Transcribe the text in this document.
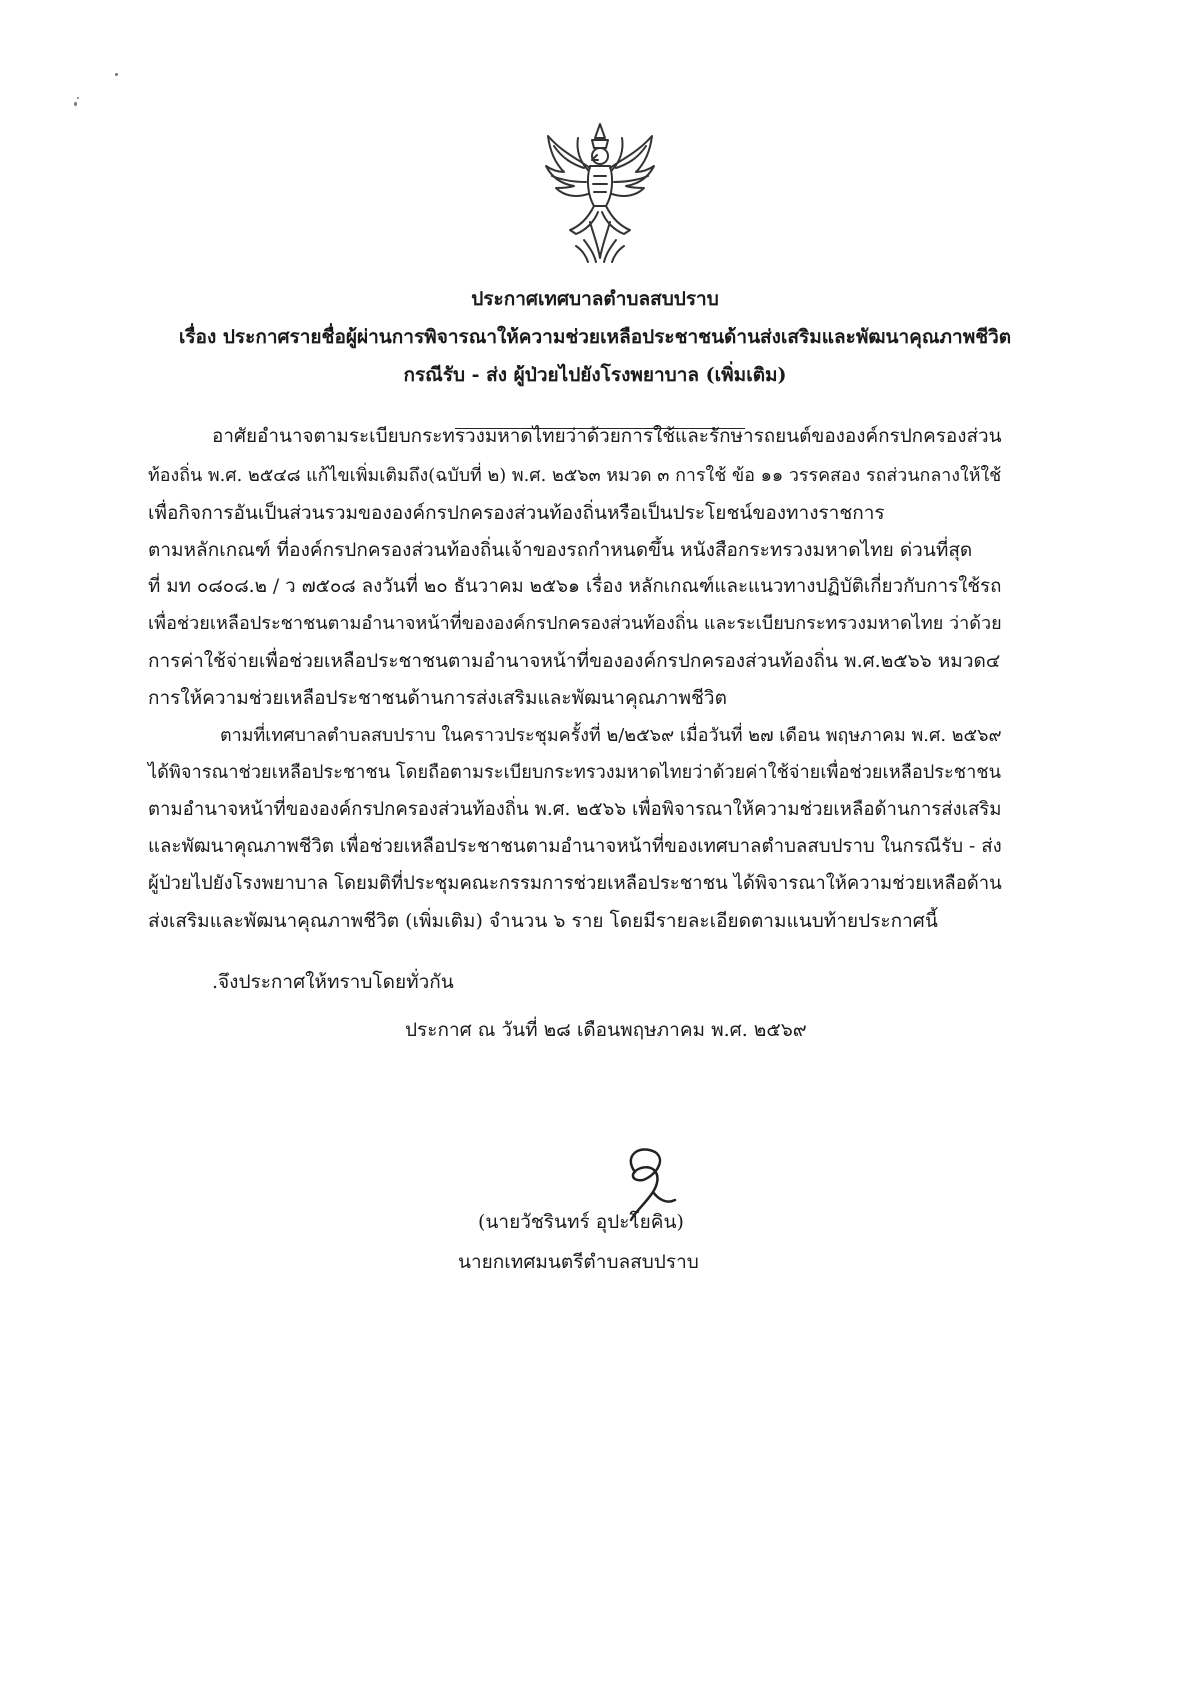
ประกาศเทศบาลตำบลสบปราบ
เรื่อง ประกาศรายชื่อผู้ผ่านการพิจารณาให้ความช่วยเหลือประชาชนด้านส่งเสริมและพัฒนาคุณภาพชีวิต
กรณีรับ - ส่ง ผู้ป่วยไปยังโรงพยาบาล (เพิ่มเติม)
อาศัยอำนาจตามระเบียบกระทรวงมหาดไทยว่าด้วยการใช้และรักษารถยนต์ขององค์กรปกครองส่วน
ท้องถิ่น พ.ศ. ๒๕๔๘ แก้ไขเพิ่มเติมถึง(ฉบับที่ ๒) พ.ศ. ๒๕๖๓ หมวด ๓ การใช้ ข้อ ๑๑ วรรคสอง รถส่วนกลางให้ใช้
เพื่อกิจการอันเป็นส่วนรวมขององค์กรปกครองส่วนท้องถิ่นหรือเป็นประโยชน์ของทางราชการ
ตามหลักเกณฑ์ ที่องค์กรปกครองส่วนท้องถิ่นเจ้าของรถกำหนดขึ้น หนังสือกระทรวงมหาดไทย ด่วนที่สุด
ที่ มท ๐๘๐๘.๒ / ว ๗๕๐๘ ลงวันที่ ๒๐ ธันวาคม ๒๕๖๑ เรื่อง หลักเกณฑ์และแนวทางปฏิบัติเกี่ยวกับการใช้รถ
เพื่อช่วยเหลือประชาชนตามอำนาจหน้าที่ขององค์กรปกครองส่วนท้องถิ่น และระเบียบกระทรวงมหาดไทย ว่าด้วย
การค่าใช้จ่ายเพื่อช่วยเหลือประชาชนตามอำนาจหน้าที่ขององค์กรปกครองส่วนท้องถิ่น พ.ศ.๒๕๖๖ หมวด๔
การให้ความช่วยเหลือประชาชนด้านการส่งเสริมและพัฒนาคุณภาพชีวิต
ตามที่เทศบาลตำบลสบปราบ ในคราวประชุมครั้งที่ ๒/๒๕๖๙ เมื่อวันที่ ๒๗ เดือน พฤษภาคม พ.ศ. ๒๕๖๙
ได้พิจารณาช่วยเหลือประชาชน โดยถือตามระเบียบกระทรวงมหาดไทยว่าด้วยค่าใช้จ่ายเพื่อช่วยเหลือประชาชน
ตามอำนาจหน้าที่ขององค์กรปกครองส่วนท้องถิ่น พ.ศ. ๒๕๖๖ เพื่อพิจารณาให้ความช่วยเหลือด้านการส่งเสริม
และพัฒนาคุณภาพชีวิต เพื่อช่วยเหลือประชาชนตามอำนาจหน้าที่ของเทศบาลตำบลสบปราบ ในกรณีรับ - ส่ง
ผู้ป่วยไปยังโรงพยาบาล โดยมติที่ประชุมคณะกรรมการช่วยเหลือประชาชน ได้พิจารณาให้ความช่วยเหลือด้าน
ส่งเสริมและพัฒนาคุณภาพชีวิต (เพิ่มเติม) จำนวน ๖ ราย โดยมีรายละเอียดตามแนบท้ายประกาศนี้
.จึงประกาศให้ทราบโดยทั่วกัน
ประกาศ ณ วันที่ ๒๘ เดือนพฤษภาคม พ.ศ. ๒๕๖๙
(นายวัชรินทร์ อุปะโยคิน)
นายกเทศมนตรีตำบลสบปราบ
